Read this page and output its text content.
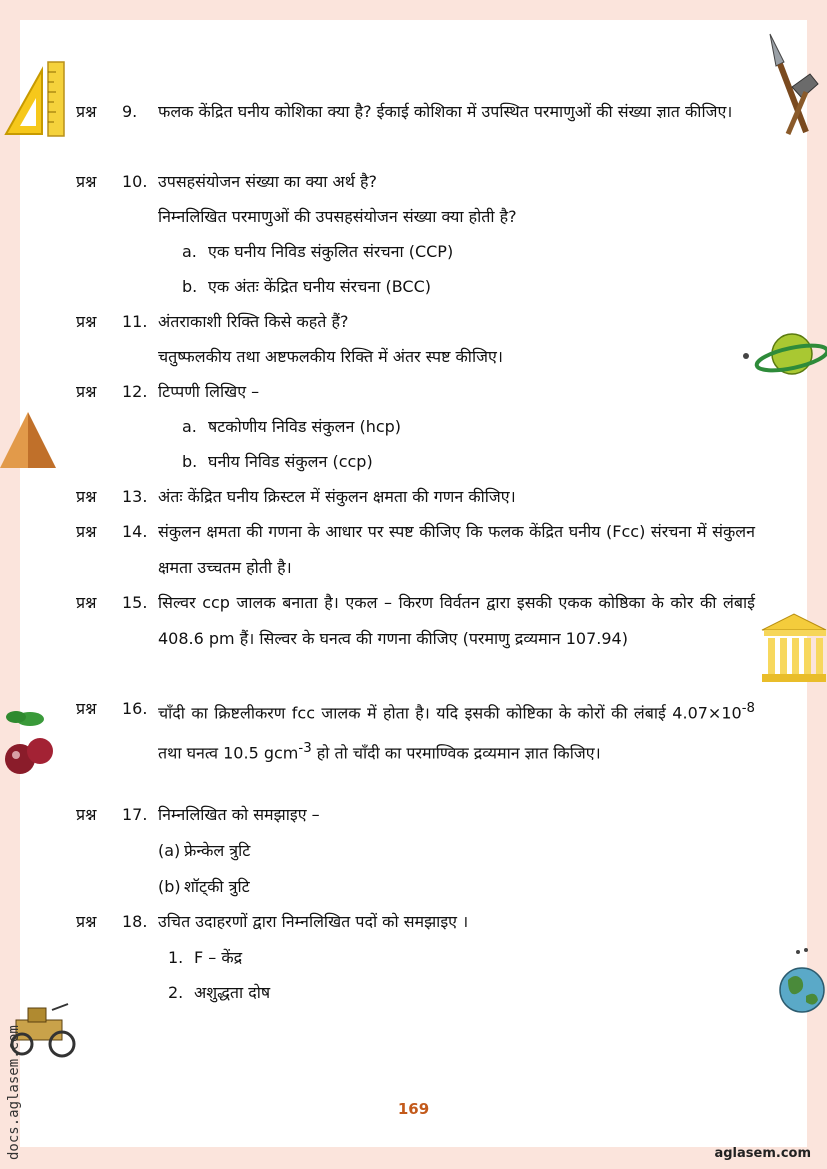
docs.aglasem.com
प्रश्न	9.	फलक केंद्रित घनीय कोशिका क्या है? ईकाई कोशिका में उपस्थित परमाणुओं की संख्या ज्ञात कीजिए।
प्रश्न	10. उपसहसंयोजन संख्या का क्या अर्थ है?
निम्नलिखित परमाणुओं की उपसहसंयोजन संख्या क्या होती है?
a. एक घनीय निविड संकुलित संरचना (CCP)
b. एक अंतः केंद्रित घनीय संरचना (BCC)
प्रश्न	11. अंतराकाशी रिक्ति किसे कहते हैं?
चतुष्फलकीय तथा अष्टफलकीय रिक्ति में अंतर स्पष्ट कीजिए।
प्रश्न	12. टिप्पणी लिखिए –
a. षटकोणीय निविड संकुलन (hcp)
b. घनीय निविड संकुलन (ccp)
प्रश्न	13. अंतः केंद्रित घनीय क्रिस्टल में संकुलन क्षमता की गणन कीजिए।
प्रश्न	14. संकुलन क्षमता की गणना के आधार पर स्पष्ट कीजिए कि फलक केंद्रित घनीय (Fcc) संरचना में संकुलन क्षमता उच्चतम होती है।
प्रश्न	15. सिल्वर ccp जालक बनाता है। एकल – किरण विर्वतन द्वारा इसकी एकक कोष्ठिका के कोर की लंबाई 408.6 pm हैं। सिल्वर के घनत्व की गणना कीजिए (परमाणु द्रव्यमान 107.94)
प्रश्न	16. चाँदी का क्रिष्टलीकरण fcc जालक में होता है। यदि इसकी कोष्टिका के कोरों की लंबाई $4.07\times 10^{-8}$ तथा घनत्व 10.5 gcm$^{-3}$ हो तो चाँदी का परमाण्विक द्रव्यमान ज्ञात किजिए।
प्रश्न	17. निम्नलिखित को समझाइए –
(a) फ्रेन्केल त्रुटि
(b) शॉट्की त्रुटि
प्रश्न	18. उचित उदाहरणों द्वारा निम्नलिखित पदों को समझाइए ।
1. F – केंद्र
2. अशुद्धता दोष
169
aglasem.com
